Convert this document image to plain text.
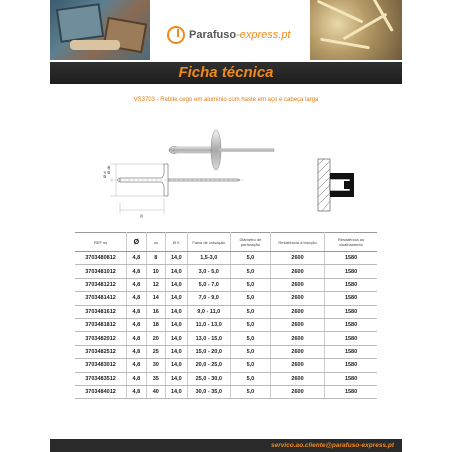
Parafuso-express.pt
Ficha técnica
VS3703 - Rebite cego em alumínio com haste em aço e cabeça larga
Ø d
Ø dk
(l)
REF ss	Ø	ou	Ø K	Faixa de cravação	Diâmetro de perfuração	Resistência à tracção	Resistência ao cisalhamento
3703480812	4,8	8	14,0	1,5-3,0	5,0	2600	1580
3703481012	4,8	10	14,0	3,0 - 5,0	5,0	2600	1580
3703481212	4,8	12	14,0	5,0 - 7,0	5,0	2600	1580
3703481412	4,8	14	14,0	7,0 - 9,0	5,0	2600	1580
3703481612	4,8	16	14,0	9,0 - 11,0	5,0	2600	1580
3703481812	4,8	18	14,0	11,0 - 13,0	5,0	2600	1580
3703482012	4,8	20	14,0	13,0 - 15,0	5,0	2600	1580
3703482512	4,8	25	14,0	15,0 - 20,0	5,0	2600	1580
3703483012	4,8	30	14,0	20,0 - 25,0	5,0	2600	1580
3703483512	4,8	35	14,0	25,0 - 30,0	5,0	2600	1580
3703484012	4,8	40	14,0	30,0 - 35,0	5,0	2600	1580
servico.ao.cliente@parafuso-express.pt
